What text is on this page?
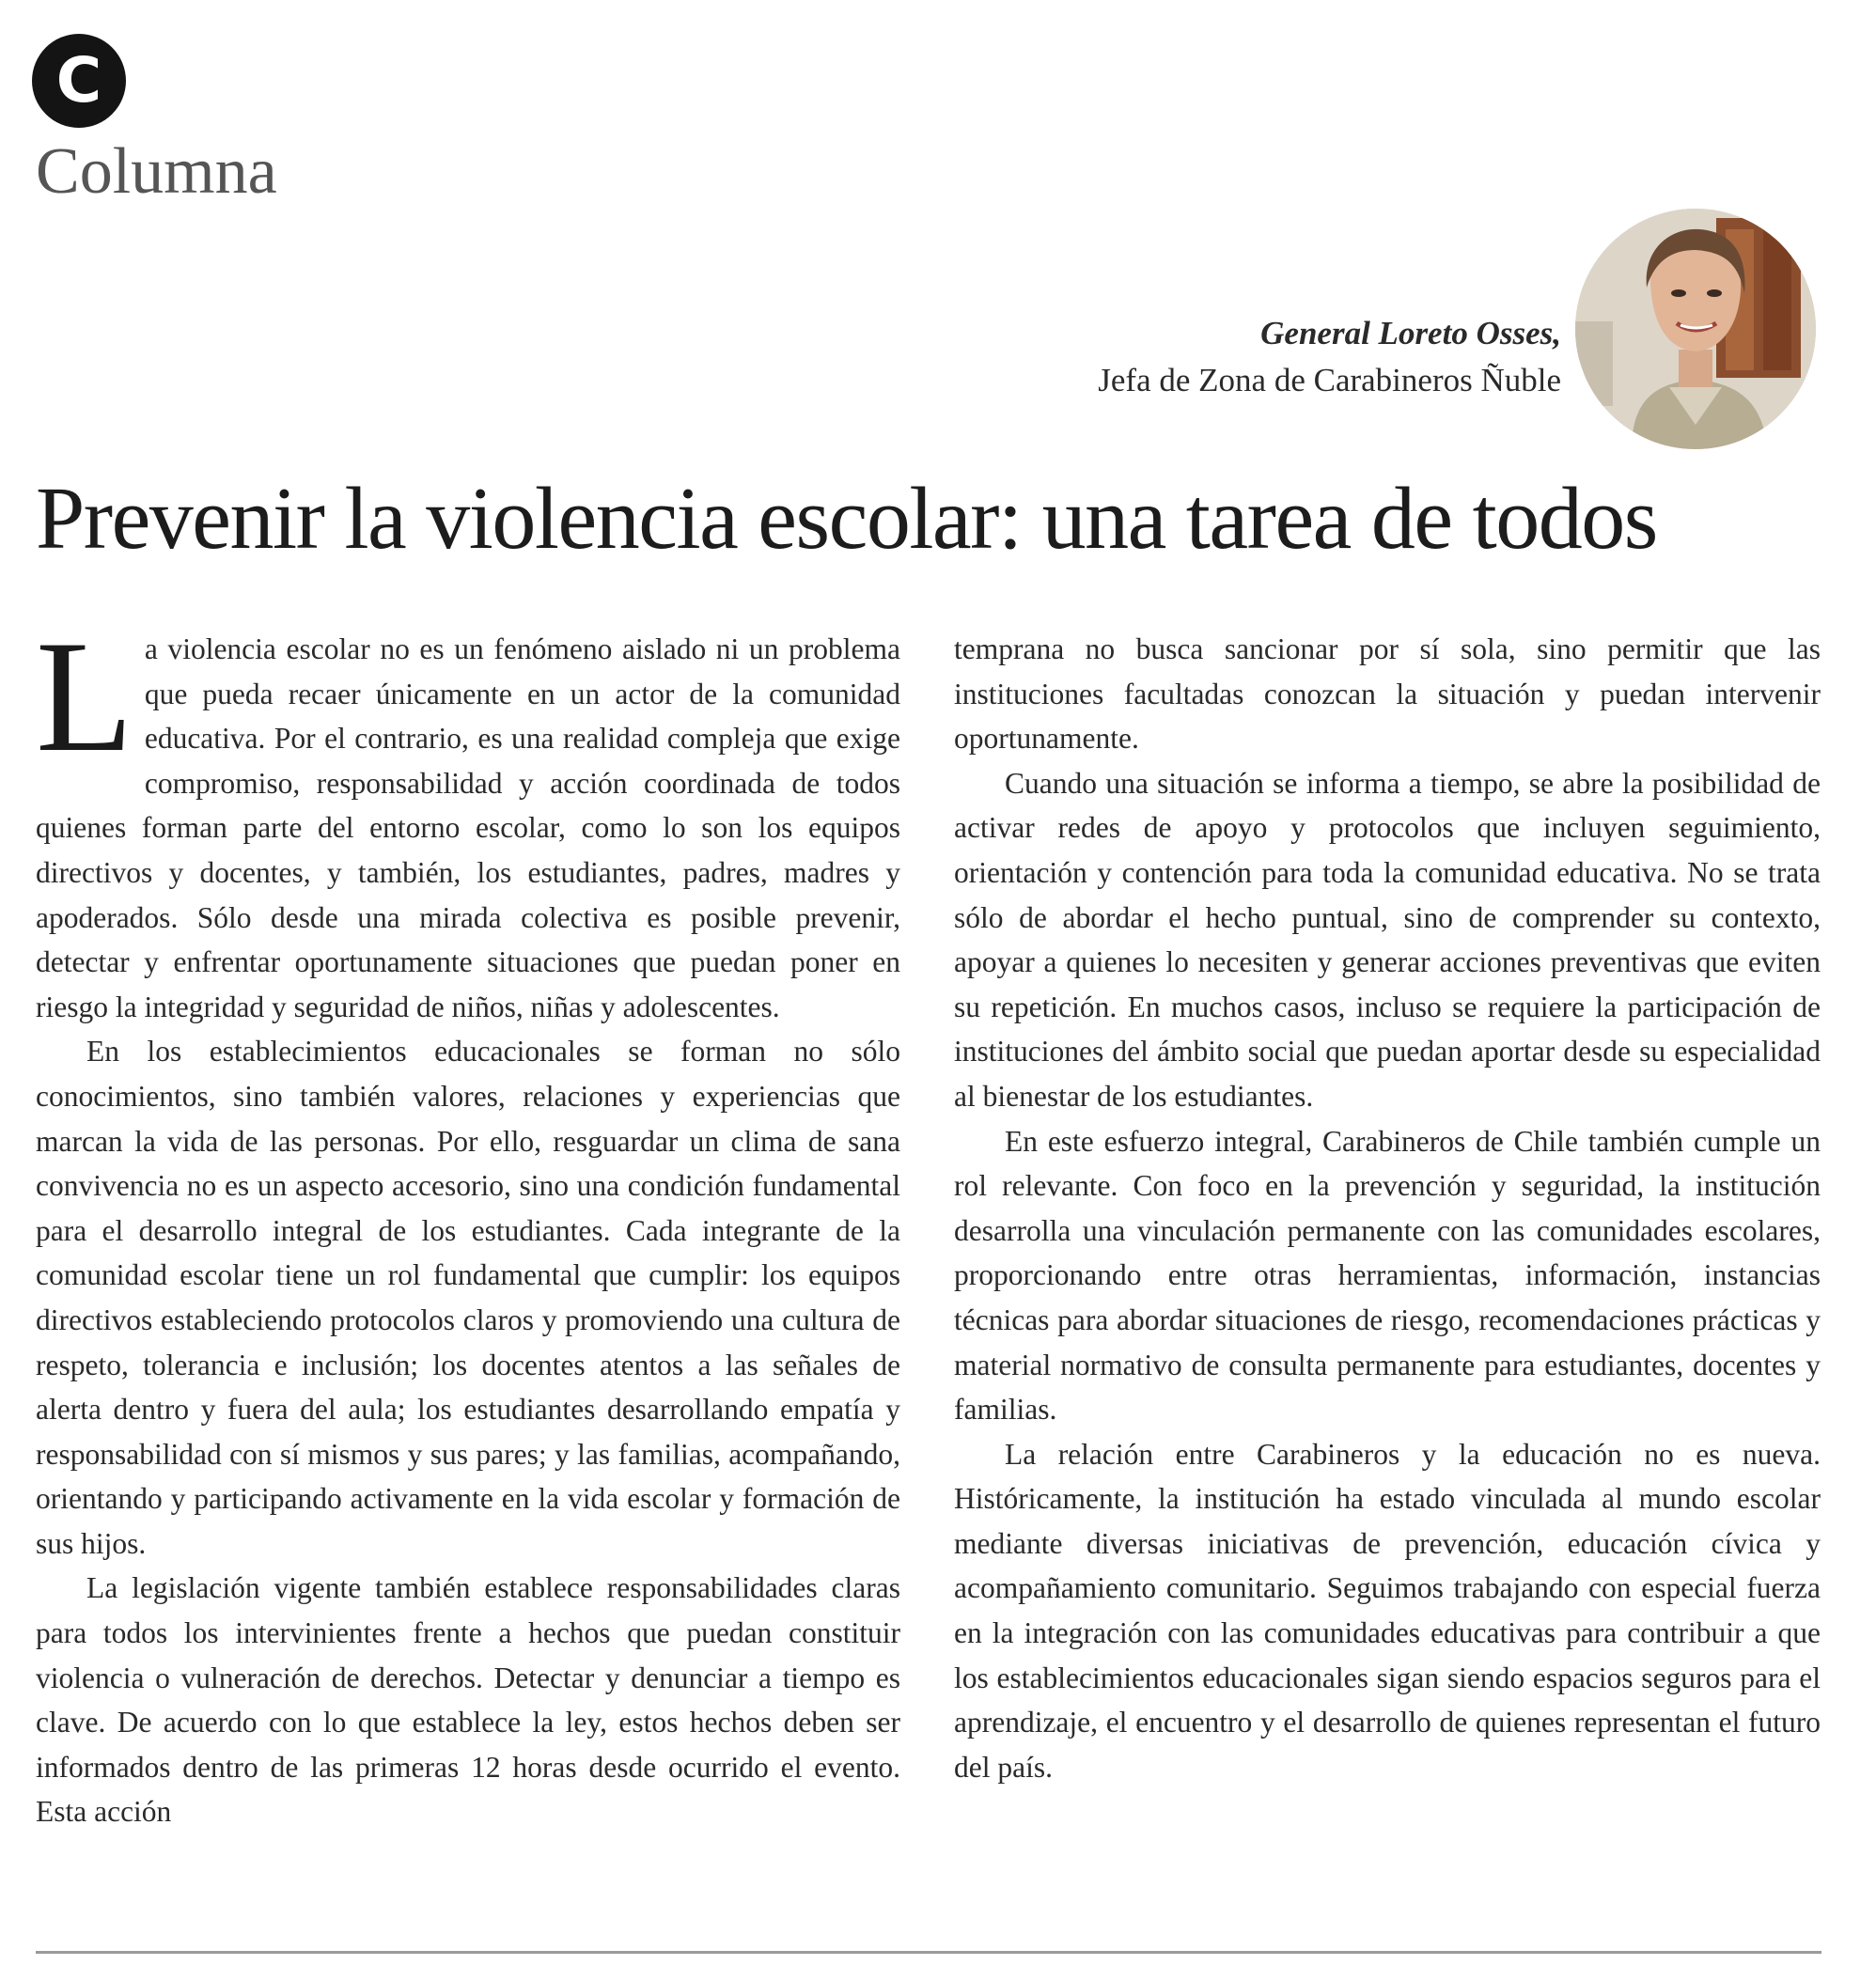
C
Columna
General Loreto Osses,
Jefa de Zona de Carabineros Ñuble
Prevenir la violencia escolar: una tarea de todos

La violencia escolar no es un fenómeno aislado ni un problema que pueda recaer únicamente en un actor de la comunidad educativa. Por el contrario, es una realidad compleja que exige compromiso, responsabilidad y acción coordinada de todos quienes forman parte del entorno escolar, como lo son los equipos directivos y docentes, y también, los estudiantes, padres, madres y apoderados. Sólo desde una mirada colectiva es posible prevenir, detectar y enfrentar oportunamente situaciones que puedan poner en riesgo la integridad y seguridad de niños, niñas y adolescentes.

En los establecimientos educacionales se forman no sólo conocimientos, sino también valores, relaciones y experiencias que marcan la vida de las personas. Por ello, resguardar un clima de sana convivencia no es un aspecto accesorio, sino una condición fundamental para el desarrollo integral de los estudiantes. Cada integrante de la comunidad escolar tiene un rol fundamental que cumplir: los equipos directivos estableciendo protocolos claros y promoviendo una cultura de respeto, tolerancia e inclusión; los docentes atentos a las señales de alerta dentro y fuera del aula; los estudiantes desarrollando empatía y responsabilidad con sí mismos y sus pares; y las familias, acompañando, orientando y participando activamente en la vida escolar y formación de sus hijos.

La legislación vigente también establece responsabilidades claras para todos los intervinientes frente a hechos que puedan constituir violencia o vulneración de derechos. Detectar y denunciar a tiempo es clave. De acuerdo con lo que establece la ley, estos hechos deben ser informados dentro de las primeras 12 horas desde ocurrido el evento. Esta acción

temprana no busca sancionar por sí sola, sino permitir que las instituciones facultadas conozcan la situación y puedan intervenir oportunamente.

Cuando una situación se informa a tiempo, se abre la posibilidad de activar redes de apoyo y protocolos que incluyen seguimiento, orientación y contención para toda la comunidad educativa. No se trata sólo de abordar el hecho puntual, sino de comprender su contexto, apoyar a quienes lo necesiten y generar acciones preventivas que eviten su repetición. En muchos casos, incluso se requiere la participación de instituciones del ámbito social que puedan aportar desde su especialidad al bienestar de los estudiantes.

En este esfuerzo integral, Carabineros de Chile también cumple un rol relevante. Con foco en la prevención y seguridad, la institución desarrolla una vinculación permanente con las comunidades escolares, proporcionando entre otras herramientas, información, instancias técnicas para abordar situaciones de riesgo, recomendaciones prácticas y material normativo de consulta permanente para estudiantes, docentes y familias.

La relación entre Carabineros y la educación no es nueva. Históricamente, la institución ha estado vinculada al mundo escolar mediante diversas iniciativas de prevención, educación cívica y acompañamiento comunitario. Seguimos trabajando con especial fuerza en la integración con las comunidades educativas para contribuir a que los establecimientos educacionales sigan siendo espacios seguros para el aprendizaje, el encuentro y el desarrollo de quienes representan el futuro del país.
